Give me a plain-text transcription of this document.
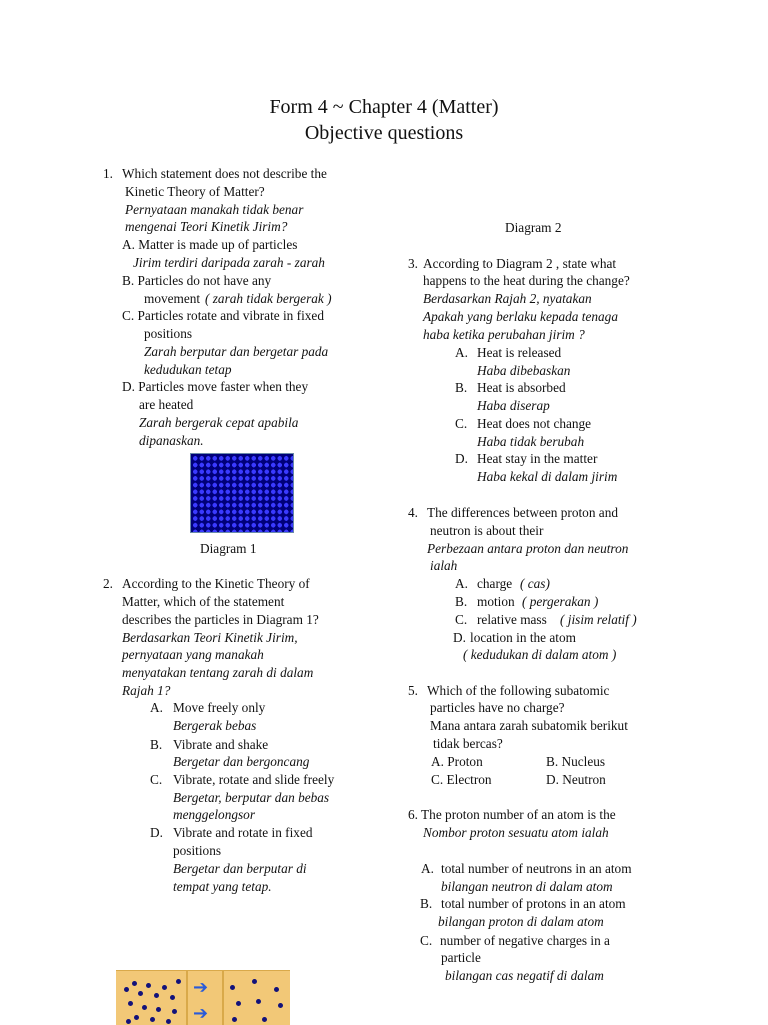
Form 4 ~ Chapter 4 (Matter)
Objective questions
1. Which statement does not describe the
Kinetic Theory of Matter?
Pernyataan manakah tidak benar
mengenai Teori Kinetik Jirim?
A. Matter is made up of particles
Jirim terdiri daripada zarah - zarah
B. Particles do not have any
movement ( zarah tidak bergerak )
C. Particles rotate and vibrate in fixed
positions
Zarah berputar dan bergetar pada
kedudukan tetap
D. Particles move faster when they
are heated
Zarah bergerak cepat apabila
dipanaskan.
Diagram 1
2. According to the Kinetic Theory of
Matter, which of the statement
describes the particles in Diagram 1?
Berdasarkan Teori Kinetik Jirim,
pernyataan yang manakah
menyatakan tentang zarah di dalam
Rajah 1?
A. Move freely only
Bergerak bebas
B. Vibrate and shake
Bergetar dan bergoncang
C. Vibrate, rotate and slide freely
Bergetar, berputar dan bebas
menggelongsor
D. Vibrate and rotate in fixed
positions
Bergetar dan berputar di
tempat yang tetap.
➔
➔
Diagram 2
3. According to Diagram 2 , state what
happens to the heat during the change?
Berdasarkan Rajah 2, nyatakan
Apakah yang berlaku kepada tenaga
haba ketika perubahan jirim ?
A. Heat is released
Haba dibebaskan
B. Heat is absorbed
Haba diserap
C. Heat does not change
Haba tidak berubah
D. Heat stay in the matter
Haba kekal di dalam jirim
4. The differences between proton and
neutron is about their
Perbezaan antara proton dan neutron
ialah
A. charge ( cas)
B. motion ( pergerakan )
C. relative mass ( jisim relatif )
D. location in the atom
( kedudukan di dalam atom )
5. Which of the following subatomic
particles have no charge?
Mana antara zarah subatomik berikut
tidak bercas?
A. Proton	B. Nucleus
C. Electron	D. Neutron
6. The proton number of an atom is the
Nombor proton sesuatu atom ialah
A. total number of neutrons in an atom
bilangan neutron di dalam atom
B. total number of protons in an atom
bilangan proton di dalam atom
C. number of negative charges in a
particle
bilangan cas negatif di dalam
